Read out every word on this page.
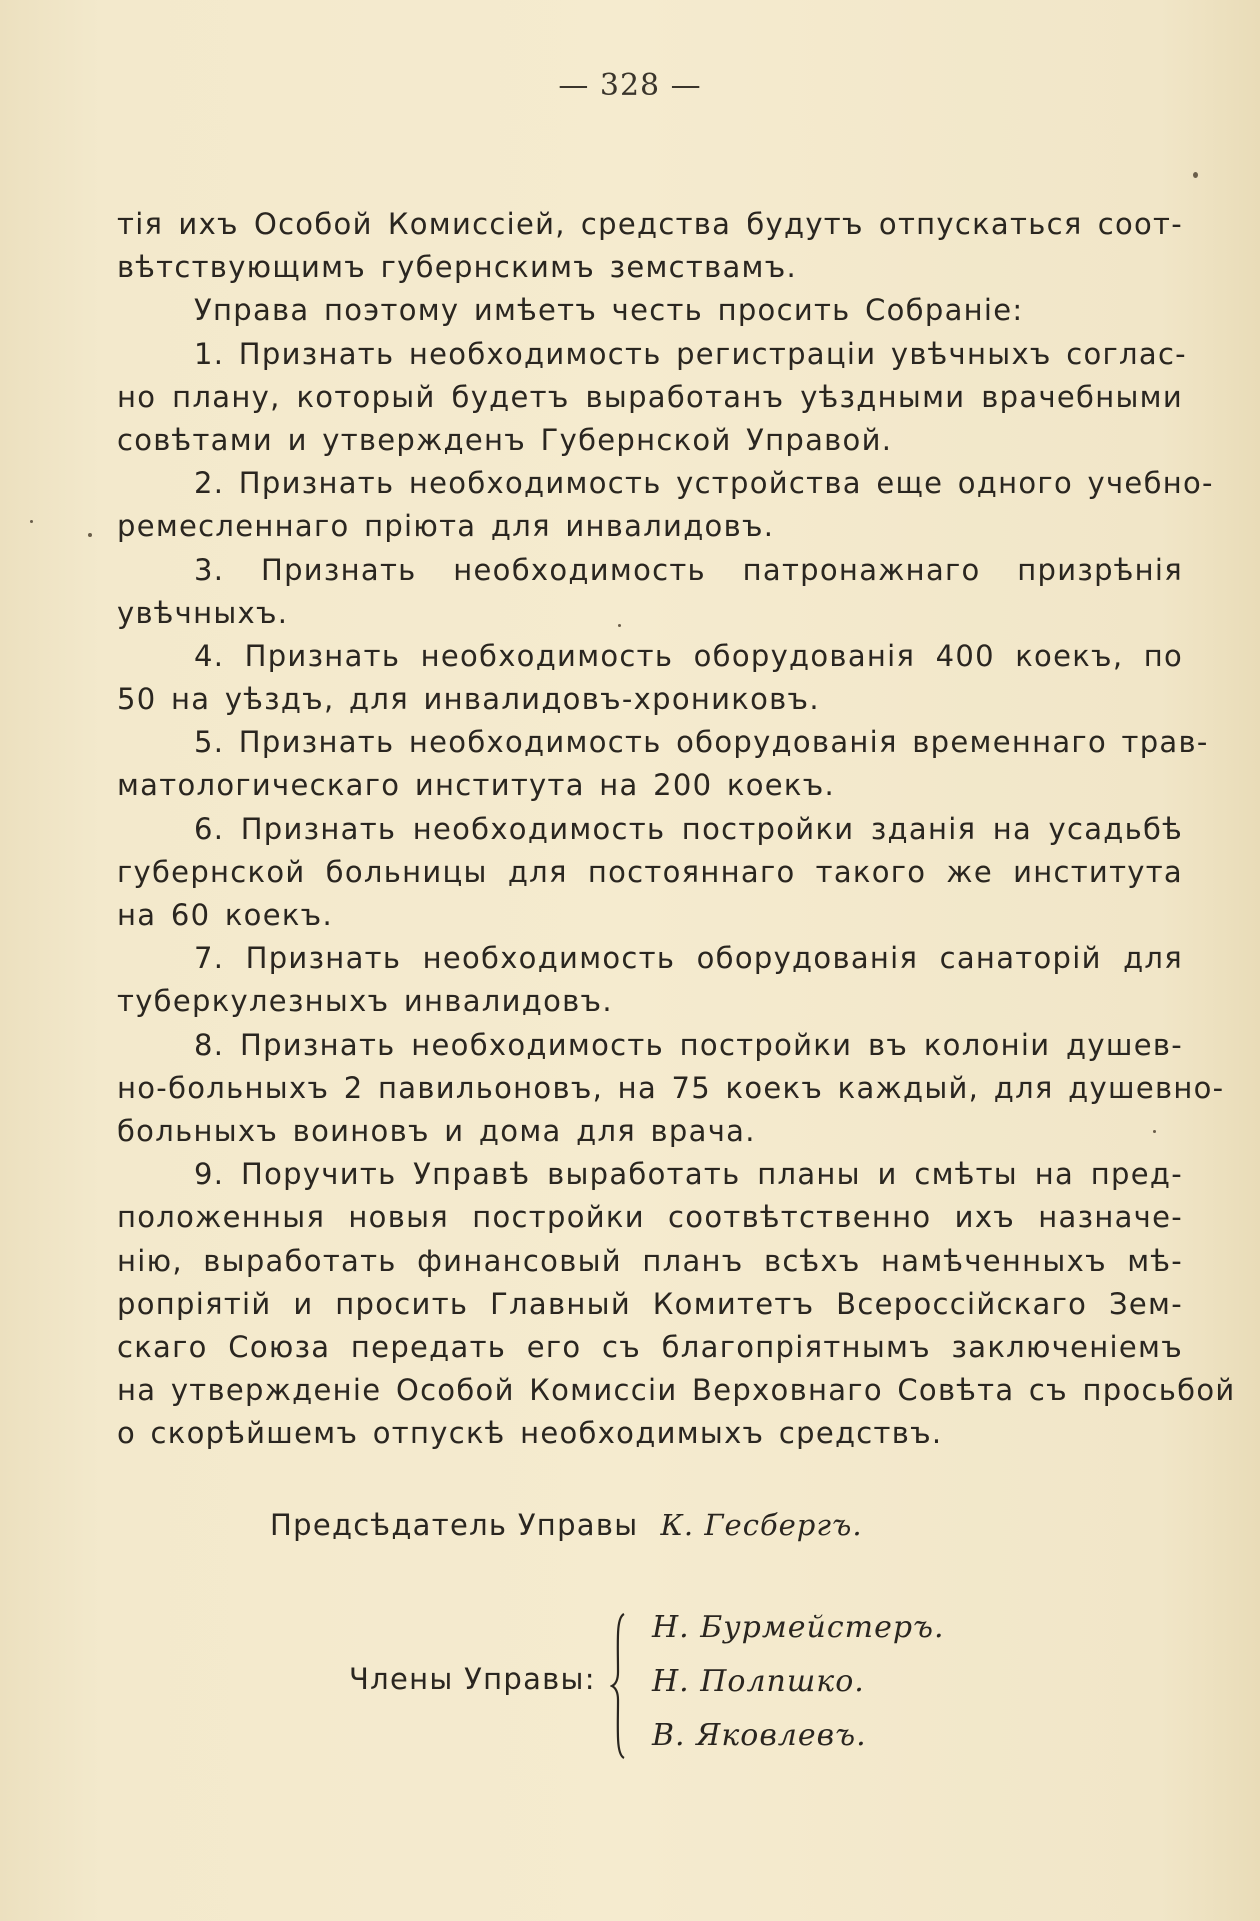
— 328 —
тія ихъ Особой Комиссіей, средства будутъ отпускаться соот-
вѣтствующимъ губернскимъ земствамъ.
Управа поэтому имѣетъ честь просить Собраніе:
1. Признать необходимость регистраціи увѣчныхъ соглас-
но плану, который будетъ выработанъ уѣздными врачебными
совѣтами и утвержденъ Губернской Управой.
2. Признать необходимость устройства еще одного учебно-
ремесленнаго пріюта для инвалидовъ.
3. Признать необходимость патронажнаго призрѣнія
увѣчныхъ.
4. Признать необходимость оборудованія 400 коекъ, по
50 на уѣздъ, для инвалидовъ-хрониковъ.
5. Признать необходимость оборудованія временнаго трав-
матологическаго института на 200 коекъ.
6. Признать необходимость постройки зданія на усадьбѣ
губернской больницы для постояннаго такого же института
на 60 коекъ.
7. Признать необходимость оборудованія санаторій для
туберкулезныхъ инвалидовъ.
8. Признать необходимость постройки въ колоніи душев-
но-больныхъ 2 павильоновъ, на 75 коекъ каждый, для душевно-
больныхъ воиновъ и дома для врача.
9. Поручить Управѣ выработать планы и смѣты на пред-
положенныя новыя постройки соотвѣтственно ихъ назначе-
нію, выработать финансовый планъ всѣхъ намѣченныхъ мѣ-
ропріятій и просить Главный Комитетъ Всероссійскаго Зем-
скаго Союза передать его съ благопріятнымъ заключеніемъ
на утвержденіе Особой Комиссіи Верховнаго Совѣта съ просьбой
о скорѣйшемъ отпускѣ необходимыхъ средствъ.
Предсѣдатель Управы К. Гесбергъ.
Члены Управы:
Н. Бурмейстеръ.
Н. Полпшко.
В. Яковлевъ.
